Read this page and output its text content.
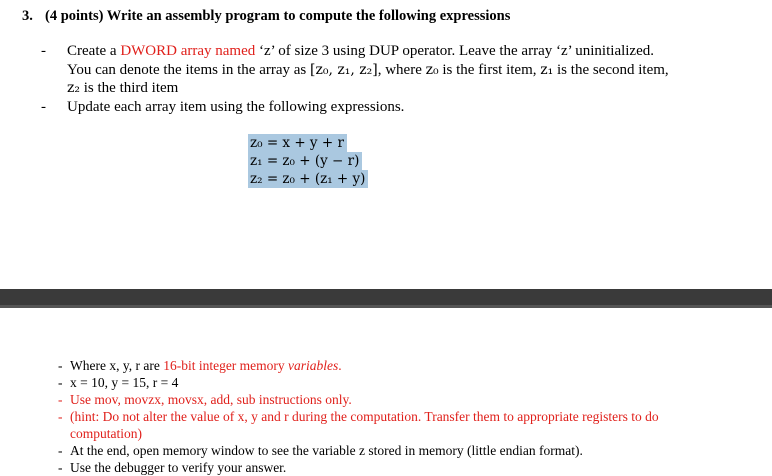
3. (4 points) Write an assembly program to compute the following expressions
- Create a DWORD array named ‘z’ of size 3 using DUP operator. Leave the array ‘z’ uninitialized.
You can denote the items in the array as [z₀, z₁, z₂], where z₀ is the first item, z₁ is the second item,
z₂ is the third item
- Update each array item using the following expressions.
z₀ = x + y + r
z₁ = z₀ + (y − r)
z₂ = z₀ + (z₁ + y)
- Where x, y, r are 16-bit integer memory variables.
- x = 10, y = 15, r = 4
- Use mov, movzx, movsx, add, sub instructions only.
- (hint: Do not alter the value of x, y and r during the computation. Transfer them to appropriate registers to do
computation)
- At the end, open memory window to see the variable z stored in memory (little endian format).
- Use the debugger to verify your answer.
